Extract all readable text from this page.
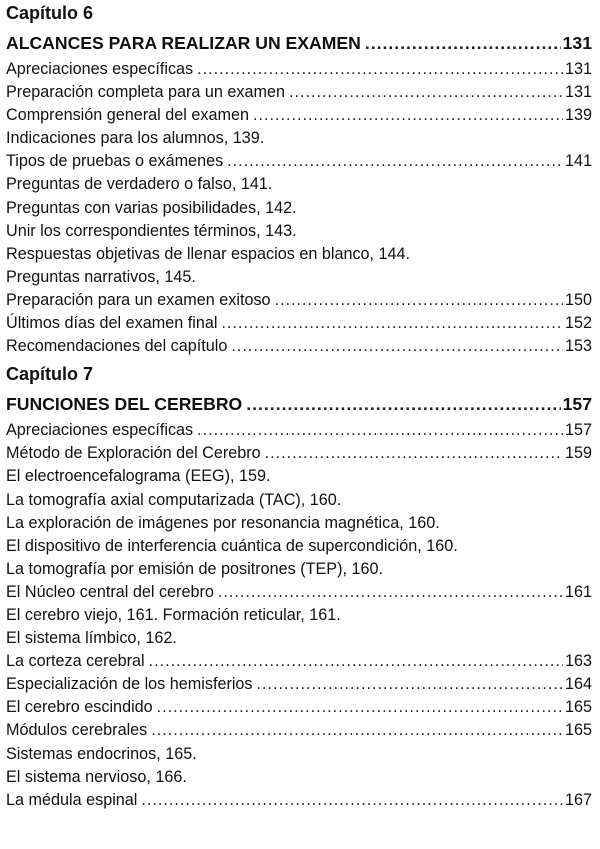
Capítulo 6
ALCANCES PARA REALIZAR UN EXAMEN .....	131
Apreciaciones específicas .....	131
Preparación completa para un examen .....	131
Comprensión general del examen .....	139
Indicaciones para los alumnos, 139.
Tipos de pruebas o exámenes .....	141
Preguntas de verdadero o falso, 141.
Preguntas con varias posibilidades, 142.
Unir los correspondientes términos, 143.
Respuestas objetivas de llenar espacios en blanco, 144.
Preguntas narrativos, 145.
Preparación para un examen exitoso .....	150
Últimos días del examen final .....	152
Recomendaciones del capítulo .....	153
Capítulo 7
FUNCIONES DEL CEREBRO .....	157
Apreciaciones específicas .....	157
Método de Exploración del Cerebro .....	159
El electroencefalograma (EEG), 159.
La tomografía axial computarizada (TAC), 160.
La exploración de imágenes por resonancia magnética, 160.
El dispositivo de interferencia cuántica de supercondición, 160.
La tomografía por emisión de positrones (TEP), 160.
El Núcleo central del cerebro .....	161
El cerebro viejo, 161. Formación reticular, 161.
El sistema límbico, 162.
La corteza cerebral .....	163
Especialización de los hemisferios .....	164
El cerebro escindido .....	165
Módulos cerebrales .....	165
Sistemas endocrinos, 165.
El sistema nervioso, 166.
La médula espinal .....	167
